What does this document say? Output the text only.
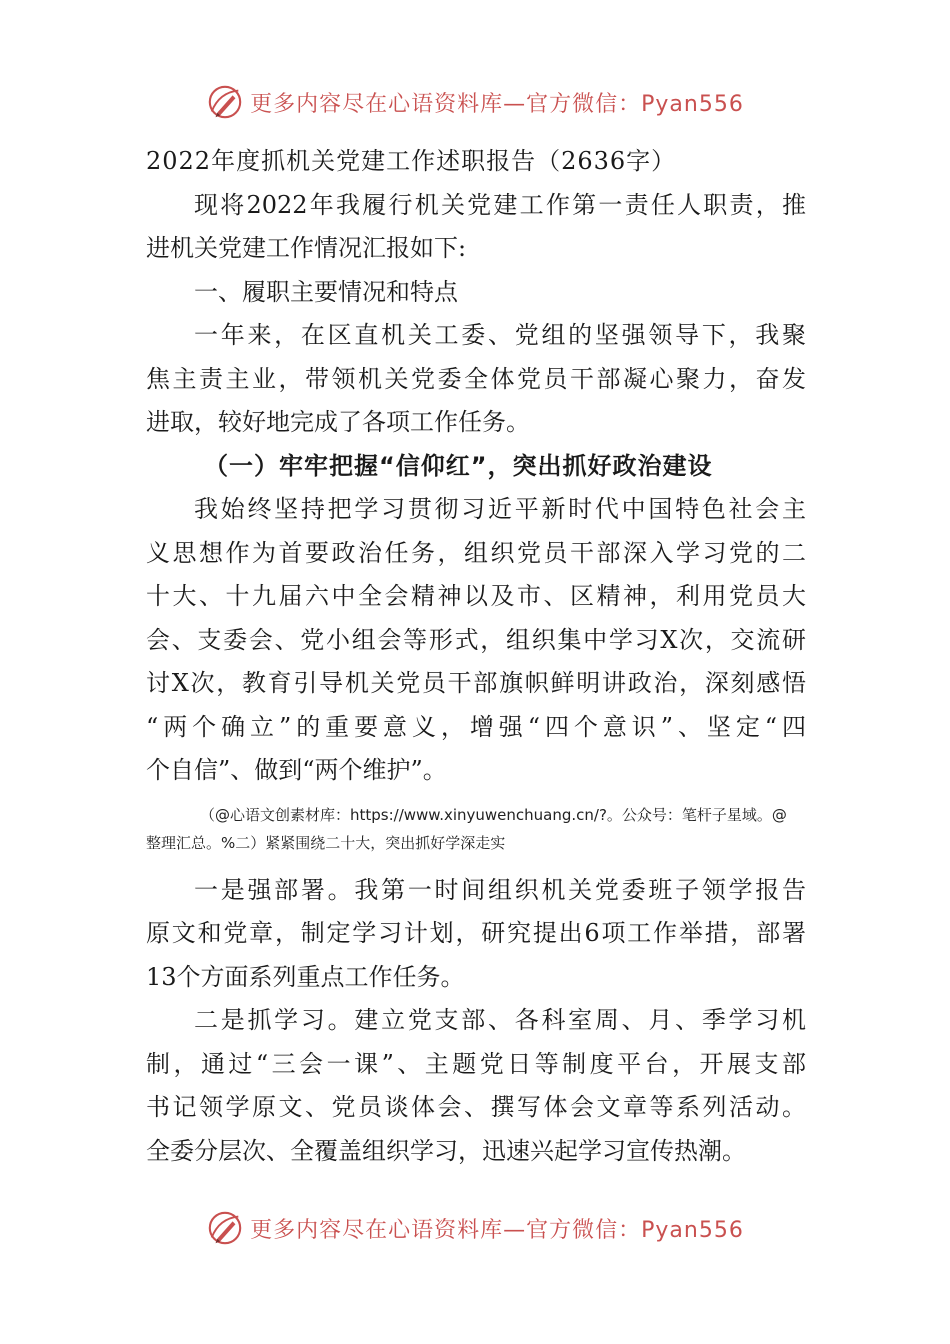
更多内容尽在心语资料库—官方微信：Pyan556
2022年度抓机关党建工作述职报告（2636字）
现将2022年我履行机关党建工作第一责任人职责，推
进机关党建工作情况汇报如下:
一、履职主要情况和特点
一年来，在区直机关工委、党组的坚强领导下，我聚
焦主责主业，带领机关党委全体党员干部凝心聚力，奋发
进取，较好地完成了各项工作任务。
（一）牢牢把握“信仰红”，突出抓好政治建设
我始终坚持把学习贯彻习近平新时代中国特色社会主
义思想作为首要政治任务，组织党员干部深入学习党的二
十大、十九届六中全会精神以及市、区精神，利用党员大
会、支委会、党小组会等形式，组织集中学习X次，交流研
讨X次，教育引导机关党员干部旗帜鲜明讲政治，深刻感悟
“两个确立”的重要意义，增强“四个意识”、坚定“四
个自信”、做到“两个维护”。
（@心语文创素材库：https://www.xinyuwenchuang.cn/?。公众号：笔杆子星域。@
整理汇总。%二）紧紧围绕二十大，突出抓好学深走实
一是强部署。我第一时间组织机关党委班子领学报告
原文和党章，制定学习计划，研究提出6项工作举措，部署
13个方面系列重点工作任务。
二是抓学习。建立党支部、各科室周、月、季学习机
制，通过“三会一课”、主题党日等制度平台，开展支部
书记领学原文、党员谈体会、撰写体会文章等系列活动。
全委分层次、全覆盖组织学习，迅速兴起学习宣传热潮。
更多内容尽在心语资料库—官方微信：Pyan556
